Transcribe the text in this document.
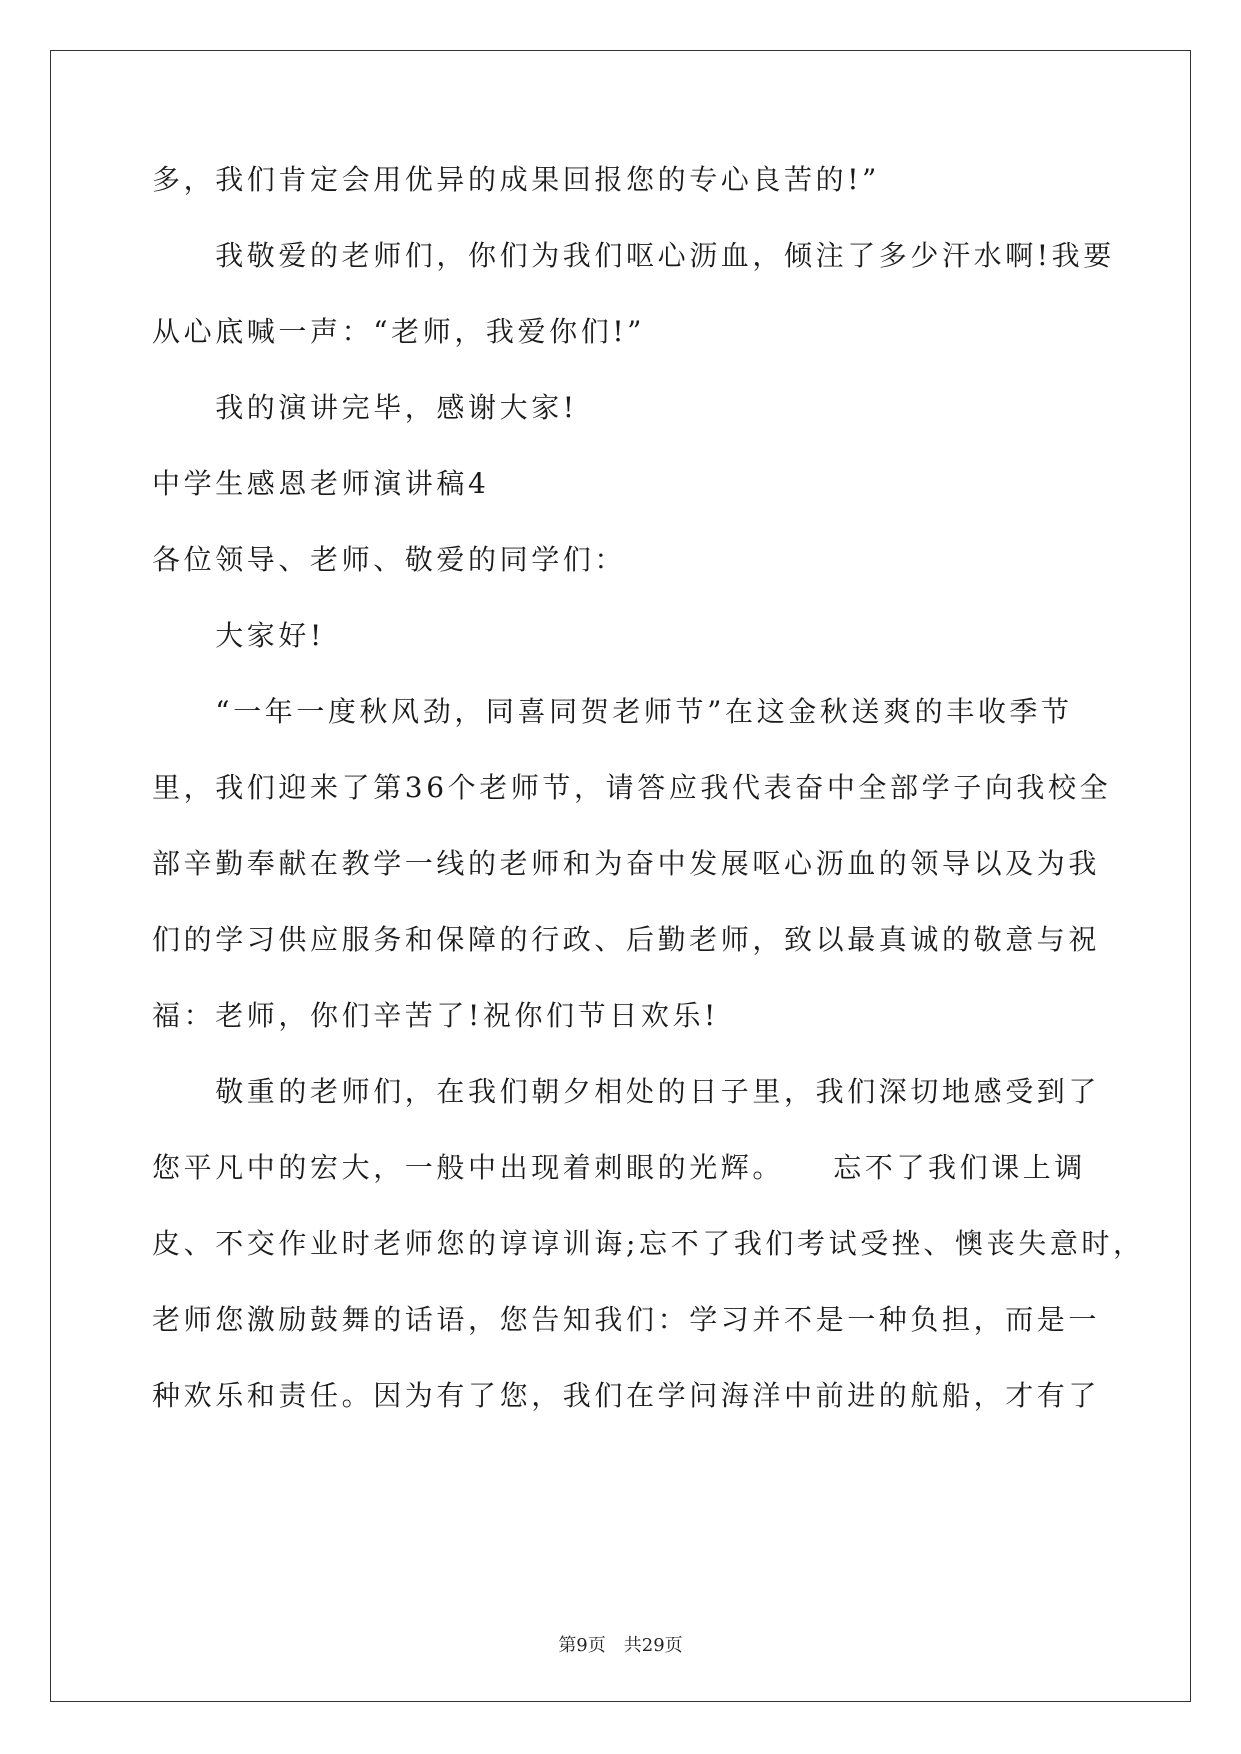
多，我们肯定会用优异的成果回报您的专心良苦的!”
　　我敬爱的老师们，你们为我们呕心沥血，倾注了多少汗水啊!我要
从心底喊一声：“老师，我爱你们!”
　　我的演讲完毕，感谢大家!
中学生感恩老师演讲稿4
各位领导、老师、敬爱的同学们：
　　大家好!
　　“一年一度秋风劲，同喜同贺老师节”在这金秋送爽的丰收季节
里，我们迎来了第36个老师节，请答应我代表奋中全部学子向我校全
部辛勤奉献在教学一线的老师和为奋中发展呕心沥血的领导以及为我
们的学习供应服务和保障的行政、后勤老师，致以最真诚的敬意与祝
福：老师，你们辛苦了!祝你们节日欢乐!
　　敬重的老师们，在我们朝夕相处的日子里，我们深切地感受到了
您平凡中的宏大，一般中出现着刺眼的光辉。　　忘不了我们课上调
皮、不交作业时老师您的谆谆训诲;忘不了我们考试受挫、懊丧失意时，
老师您激励鼓舞的话语，您告知我们：学习并不是一种负担，而是一
种欢乐和责任。因为有了您，我们在学问海洋中前进的航船，才有了
第9页　共29页
